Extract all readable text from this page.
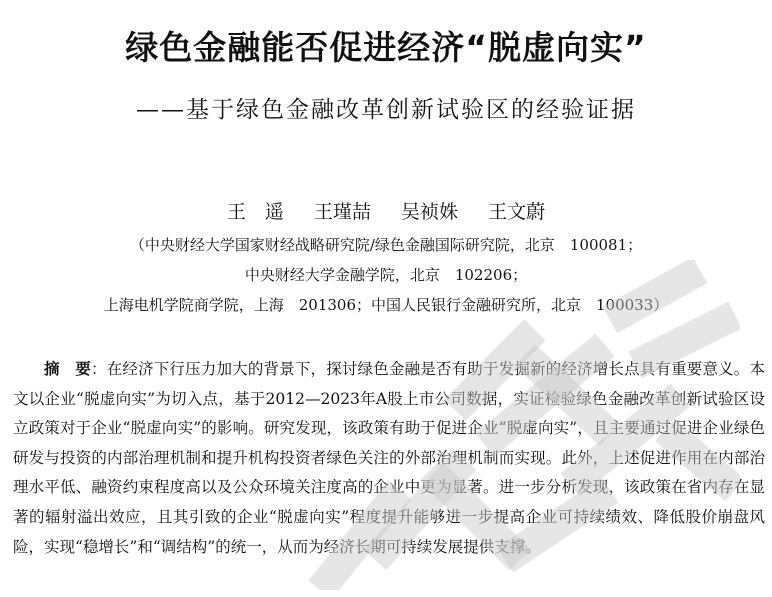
绿色金融能否促进经济“脱虚向实”
——基于绿色金融改革创新试验区的经验证据
王　遥 王瑾喆 吴祯姝 王文蔚
（中央财经大学国家财经战略研究院/绿色金融国际研究院，北京　100081；
中央财经大学金融学院，北京　102206；
上海电机学院商学院，上海　201306；中国人民银行金融研究所，北京　100033）
摘　要：在经济下行压力加大的背景下，探讨绿色金融是否有助于发掘新的经济增长点具有重要意义。本文以企业“脱虚向实”为切入点，基于2012—2023年A股上市公司数据，实证检验绿色金融改革创新试验区设立政策对于企业“脱虚向实”的影响。研究发现，该政策有助于促进企业“脱虚向实”，且主要通过促进企业绿色研发与投资的内部治理机制和提升机构投资者绿色关注的外部治理机制而实现。此外，上述促进作用在内部治理水平低、融资约束程度高以及公众环境关注度高的企业中更为显著。进一步分析发现，该政策在省内存在显著的辐射溢出效应，且其引致的企业“脱虚向实”程度提升能够进一步提高企业可持续绩效、降低股价崩盘风险，实现“稳增长”和“调结构”的统一，从而为经济长期可持续发展提供支撑。
